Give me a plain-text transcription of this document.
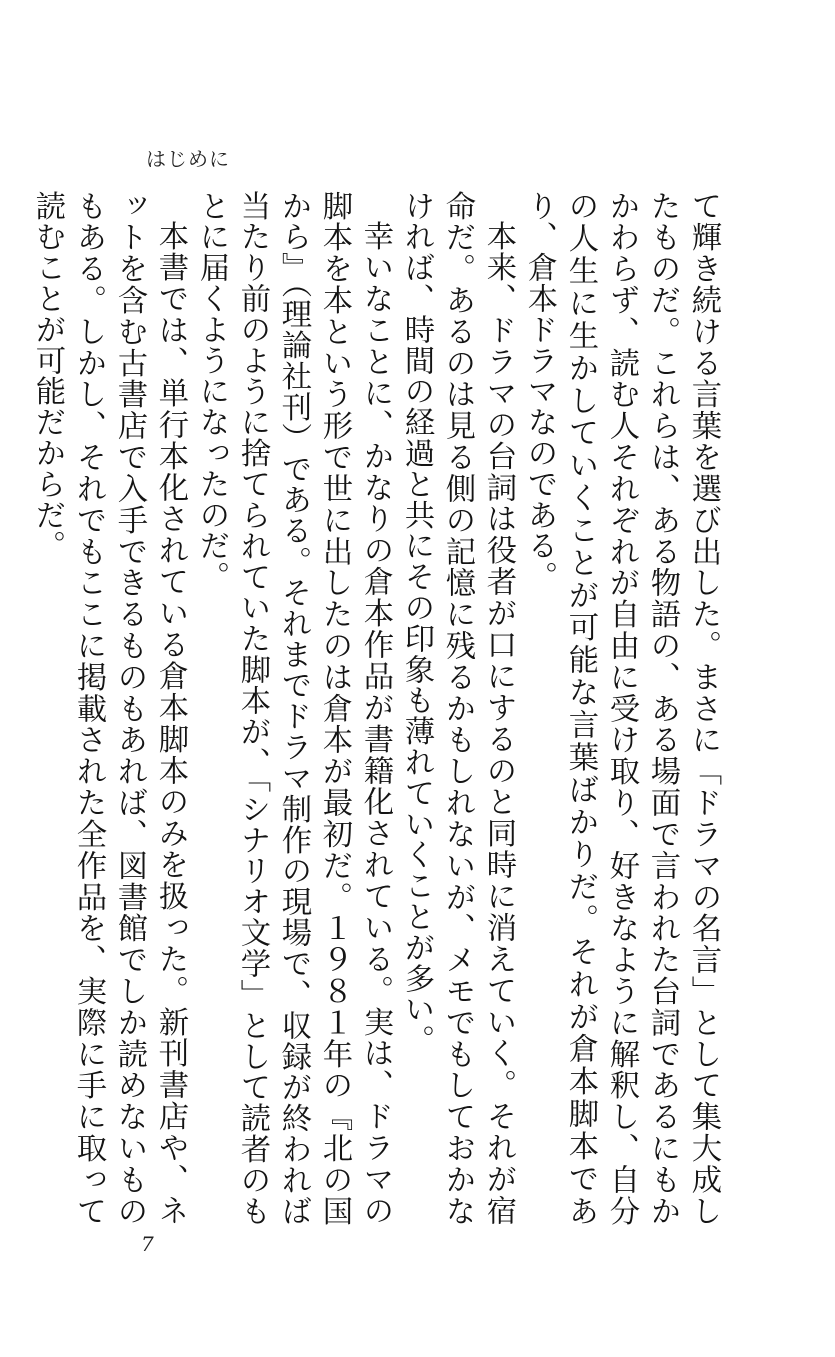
はじめに

て輝き続ける言葉を選び出した。まさに「ドラマの名言」として集大成したものだ。これらは、ある物語の、ある場面で言われた台詞であるにもかかわらず、読む人それぞれが自由に受け取り、好きなように解釈し、自分の人生に生かしていくことが可能な言葉ばかりだ。それが倉本脚本であり、倉本ドラマなのである。

本来、ドラマの台詞は役者が口にするのと同時に消えていく。それが宿命だ。あるのは見る側の記憶に残るかもしれないが、メモでもしておかなければ、時間の経過と共にその印象も薄れていくことが多い。

幸いなことに、かなりの倉本作品が書籍化されている。実は、ドラマの脚本を本という形で世に出したのは倉本が最初だ。１９８１年の『北の国から』（理論社刊）である。それまでドラマ制作の現場で、収録が終われば当たり前のように捨てられていた脚本が、「シナリオ文学」として読者のもとに届くようになったのだ。

本書では、単行本化されている倉本脚本のみを扱った。新刊書店や、ネットを含む古書店で入手できるものもあれば、図書館でしか読めないものもある。しかし、それでもここに掲載された全作品を、実際に手に取って読むことが可能だからだ。

7
